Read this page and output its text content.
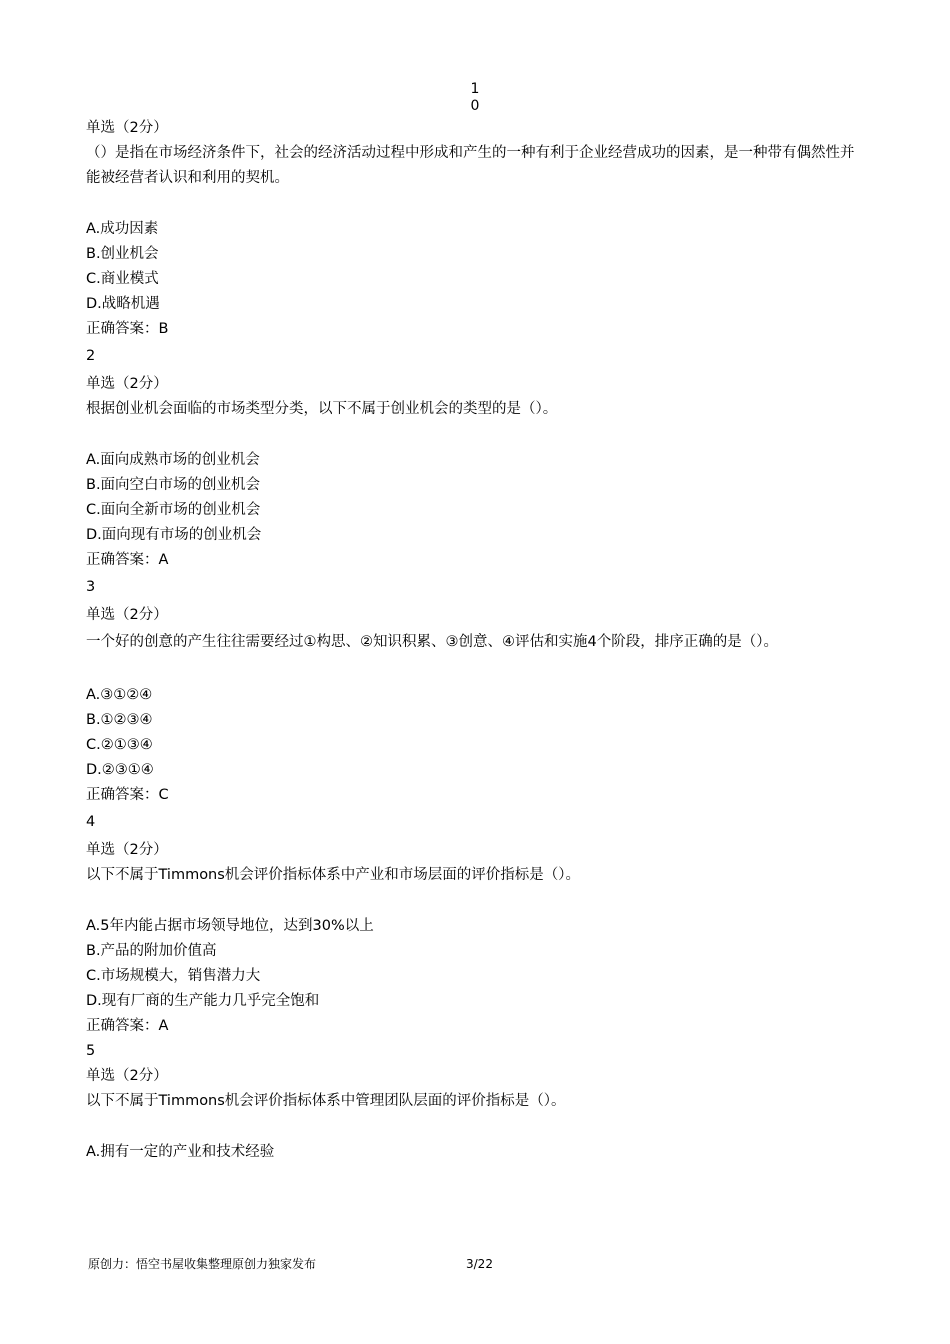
1
0

单选（2分）

（）是指在市场经济条件下，社会的经济活动过程中形成和产生的一种有利于企业经营成功的因素，是一种带有偶然性并能被经营者认识和利用的契机。

A.成功因素

B.创业机会

C.商业模式

D.战略机遇

正确答案：B

2

单选（2分）

根据创业机会面临的市场类型分类，以下不属于创业机会的类型的是（）。

A.面向成熟市场的创业机会

B.面向空白市场的创业机会

C.面向全新市场的创业机会

D.面向现有市场的创业机会

正确答案：A

3

单选（2分）

一个好的创意的产生往往需要经过①构思、②知识积累、③创意、④评估和实施4个阶段，排序正确的是（）。

A.③①②④

B.①②③④

C.②①③④

D.②③①④

正确答案：C

4

单选（2分）

以下不属于Timmons机会评价指标体系中产业和市场层面的评价指标是（）。

A.5年内能占据市场领导地位，达到30%以上

B.产品的附加价值高

C.市场规模大，销售潜力大

D.现有厂商的生产能力几乎完全饱和

正确答案：A

5

单选（2分）

以下不属于Timmons机会评价指标体系中管理团队层面的评价指标是（）。

A.拥有一定的产业和技术经验

原创力：悟空书屋收集整理原创力独家发布	3/22
